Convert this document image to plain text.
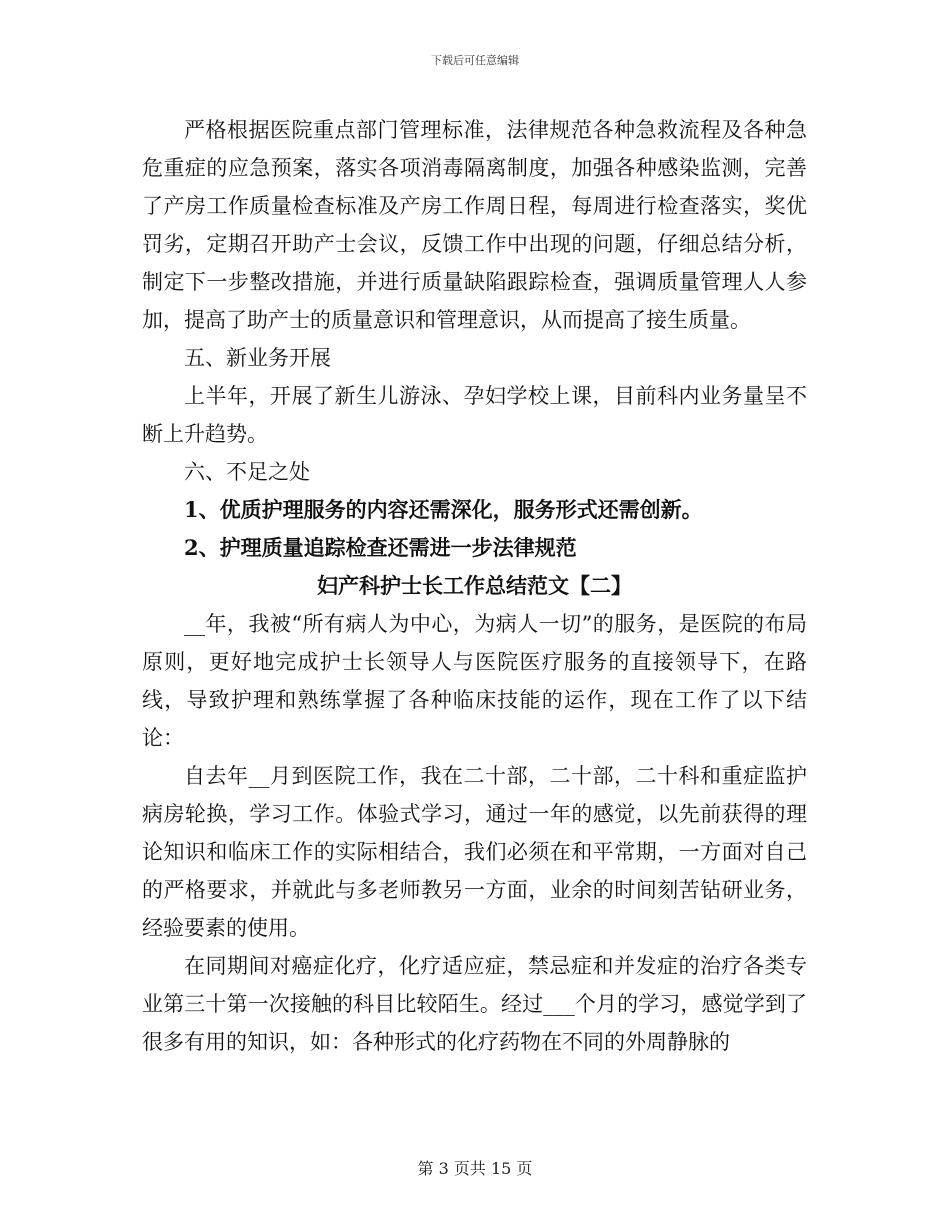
下载后可任意编辑

严格根据医院重点部门管理标准，法律规范各种急救流程及各种急危重症的应急预案，落实各项消毒隔离制度，加强各种感染监测，完善了产房工作质量检查标准及产房工作周日程，每周进行检查落实，奖优罚劣，定期召开助产士会议，反馈工作中出现的问题，仔细总结分析，制定下一步整改措施，并进行质量缺陷跟踪检查，强调质量管理人人参加，提高了助产士的质量意识和管理意识，从而提高了接生质量。

五、新业务开展

上半年，开展了新生儿游泳、孕妇学校上课，目前科内业务量呈不断上升趋势。

六、不足之处

1、优质护理服务的内容还需深化，服务形式还需创新。

2、护理质量追踪检查还需进一步法律规范

妇产科护士长工作总结范文【二】

__年，我被“所有病人为中心，为病人一切”的服务，是医院的布局原则，更好地完成护士长领导人与医院医疗服务的直接领导下，在路线，导致护理和熟练掌握了各种临床技能的运作，现在工作了以下结论：

自去年__月到医院工作，我在二十部，二十部，二十科和重症监护病房轮换，学习工作。体验式学习，通过一年的感觉，以先前获得的理论知识和临床工作的实际相结合，我们必须在和平常期，一方面对自己的严格要求，并就此与多老师教另一方面，业余的时间刻苦钻研业务，经验要素的使用。

在同期间对癌症化疗，化疗适应症，禁忌症和并发症的治疗各类专业第三十第一次接触的科目比较陌生。经过___个月的学习，感觉学到了很多有用的知识，如：各种形式的化疗药物在不同的外周静脉的

第 3 页共 15 页
